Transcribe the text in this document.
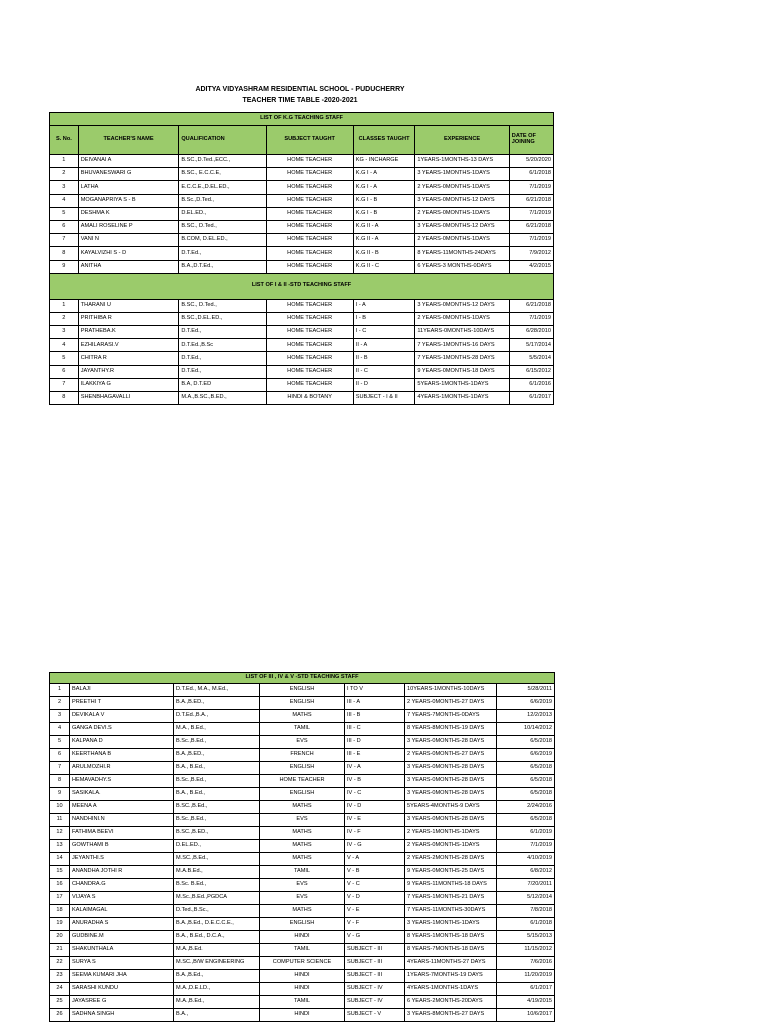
ADITYA VIDYASHRAM RESIDENTIAL SCHOOL - PUDUCHERRY
TEACHER TIME TABLE -2020-2021
LIST OF K.G TEACHING STAFF						
S. No.	TEACHER'S NAME	QUALIFICATION	SUBJECT TAUGHT	CLASSES TAUGHT	EXPERIENCE	DATE OF JOINING
1	DEIVANAI A	B.SC.,D.Ted.,ECC.,	HOME TEACHER	KG - INCHARGE	1YEARS-1MONTHS-13 DAYS	5/20/2020
2	BHUVANESWARI G	B.SC., E.C.C.E,	HOME TEACHER	K.G I - A	3 YEARS-1MONTHS-1DAYS	6/1/2018
3	LATHA	E.C.C.E.,D.EL.ED.,	HOME TEACHER	K.G I - A	2 YEARS-0MONTHS-1DAYS	7/1/2019
4	MOGANAPRIYA S - B	B.Sc.,D.Ted.,	HOME TEACHER	K.G I - B	3 YEARS-0MONTHS-12 DAYS	6/21/2018
5	DESHMA K	D.EL.ED.,	HOME TEACHER	K.G I - B	2 YEARS-0MONTHS-1DAYS	7/1/2019
6	AMALI ROSELINE P	B.SC., D.Ted.,	HOME TEACHER	K.G II - A	3 YEARS-0MONTHS-12 DAYS	6/21/2018
7	VANI N	B.COM, D.EL.ED.,	HOME TEACHER	K.G II - A	2 YEARS-0MONTHS-1DAYS	7/1/2019
8	KAYALVIZHI S - D	D.T.Ed.,	HOME TEACHER	K.G II - B	8 YEARS-11MONTHS-24DAYS	7/9/2012
9	ANITHA	B.A.,D.T.Ed.,	HOME TEACHER	K.G II - C	6 YEARS-3 MONTHS-0DAYS	4/2/2015
LIST OF I & II -STD TEACHING STAFF						
1	THARANI U	B.SC., D.Ted.,	HOME TEACHER	I - A	3 YEARS-0MONTHS-12 DAYS	6/21/2018
2	PRITHIBA R	B.SC.,D.EL.ED.,	HOME TEACHER	I - B	2 YEARS-0MONTHS-1DAYS	7/1/2019
3	PRATHEBA.K	D.T.Ed.,	HOME TEACHER	I - C	11YEARS-0MONTHS-10DAYS	6/28/2010
4	EZHILARASI.V	D.T.Ed.,B.Sc	HOME TEACHER	II - A	7 YEARS-1MONTHS-16 DAYS	5/17/2014
5	CHITRA R	D.T.Ed.,	HOME TEACHER	II - B	7 YEARS-1MONTHS-28 DAYS	5/5/2014
6	JAYANTHY.R	D.T.Ed.,	HOME TEACHER	II - C	9 YEARS-0MONTHS-18 DAYS	6/15/2012
7	ILAKKIYA G	B.A, D.T.ED	HOME TEACHER	II - D	5YEARS-1MONTHS-1DAYS	6/1/2016
8	SHENBHAGAVALLI	M.A.,B.SC.,B.ED.,	HINDI & BOTANY	SUBJECT - I & II	4YEARS-1MONTHS-1DAYS	6/1/2017
LIST OF III , IV & V -STD TEACHING STAFF						
1	BALAJI	D.T.Ed., M.A., M.Ed.,	ENGLISH	I TO V	10YEARS-1MONTHS-10DAYS	5/28/2011
2	PREETHI T	B.A.,B.ED.,	ENGLISH	III - A	2 YEARS-0MONTHS-27 DAYS	6/6/2019
3	DEVIKALA V	D.T.Ed.,B.A.,	MATHS	III - B	7 YEARS-7MONTHS-0DAYS	12/2/2013
4	GANGA DEVI.S	M.A., B.Ed.,	TAMIL	III - C	8 YEARS-8MONTHS-19 DAYS	10/14/2012
5	KALPANA D	B.Sc.,B.Ed.,	EVS	III - D	3 YEARS-0MONTHS-28 DAYS	6/5/2018
6	KEERTHANA B	B.A.,B.ED.,	FRENCH	III - E	2 YEARS-0MONTHS-27 DAYS	6/6/2019
7	ARULMOZHI.R	B.A., B.Ed.,	ENGLISH	IV - A	3 YEARS-0MONTHS-28 DAYS	6/5/2018
8	HEMAVADHY.S	B.Sc.,B.Ed.,	HOME TEACHER	IV - B	3 YEARS-0MONTHS-28 DAYS	6/5/2018
9	SASIKALA.	B.A., B.Ed.,	ENGLISH	IV - C	3 YEARS-0MONTHS-28 DAYS	6/5/2018
10	MEENA A	B.SC.,B.Ed.,	MATHS	IV - D	5YEARS-4MONTHS-9 DAYS	2/24/2016
11	NANDHINI.N	B.Sc.,B.Ed.,	EVS	IV - E	3 YEARS-0MONTHS-28 DAYS	6/5/2018
12	FATHIMA BEEVI	B.SC.,B.ED.,	MATHS	IV - F	2 YEARS-1MONTHS-1DAYS	6/1/2019
13	GOWTHAMI B	D.EL.ED.,	MATHS	IV - G	2 YEARS-0MONTHS-1DAYS	7/1/2019
14	JEYANTHI.S	M.SC.,B.Ed.,	MATHS	V - A	2 YEARS-2MONTHS-28 DAYS	4/10/2019
15	ANANDHA JOTHI R	M.A.B.Ed.,	TAMIL	V - B	9 YEARS-0MONTHS-25 DAYS	6/8/2012
16	CHANDRA.G	B.Sc. B.Ed.,	EVS	V - C	9 YEARS-11MONTHS-18 DAYS	7/20/2011
17	VIJAYA S	M.Sc.,B.Ed.,PGDCA	EVS	V - D	7 YEARS-1MONTHS-21 DAYS	5/12/2014
18	KALAIMAGAL	D.Ted.,B.Sc.,	MATHS	V - E	7 YEARS-11MONTHS-30DAYS	7/8/2018
19	ANURADHA S	B.A.,B.Ed., D.E.C.C.E.,	ENGLISH	V - F	3 YEARS-1MONTHS-1DAYS	6/1/2018
20	GUDBINE.M	B.A., B.Ed., D.C.A.,	HINDI	V - G	8 YEARS-1MONTHS-18 DAYS	5/15/2013
21	SHAKUNTHALA	M.A.,B.Ed.	TAMIL	SUBJECT - III	8 YEARS-7MONTHS-18 DAYS	11/15/2012
22	SURYA S	M.SC.,B/W ENGINEERING	COMPUTER SCIENCE	SUBJECT - III	4YEARS-11MONTHS-27 DAYS	7/6/2016
23	SEEMA KUMARI JHA	B.A.,B.Ed.,	HINDI	SUBJECT - III	1YEARS-7MONTHS-19 DAYS	11/20/2019
24	SARASHI KUNDU	M.A.,D.E.LD.,	HINDI	SUBJECT - IV	4YEARS-1MONTHS-1DAYS	6/1/2017
25	JAYASREE G	M.A.,B.Ed.,	TAMIL	SUBJECT - IV	6 YEARS-2MONTHS-20DAYS	4/19/2015
26	SADHNA SINGH	B.A.,	HINDI	SUBJECT - V	3 YEARS-8MONTHS-27 DAYS	10/6/2017
